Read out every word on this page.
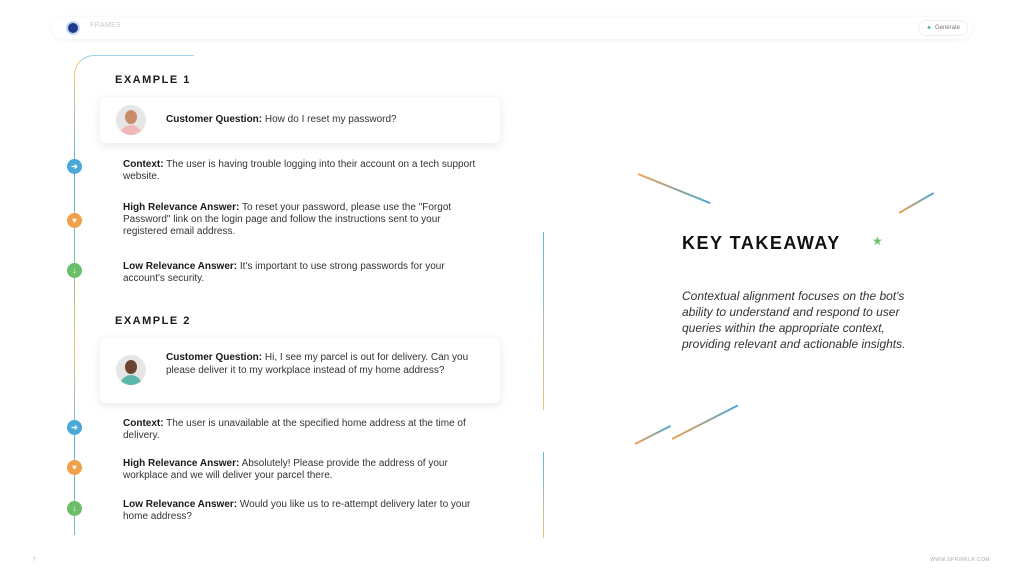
FRAMES	✦ Generate
EXAMPLE 1
Customer Question: How do I reset my password?
➜	Context: The user is having trouble logging into their account on a tech support website.
♥
High Relevance Answer: To reset your password, please use the "Forgot Password" link on the login page and follow the instructions sent to your registered email address.
↓	Low Relevance Answer: It's important to use strong passwords for your account's security.
EXAMPLE 2
Customer Question: Hi, I see my parcel is out for delivery. Can you please deliver it to my workplace instead of my home address?
➜	Context: The user is unavailable at the specified home address at the time of delivery.
♥	High Relevance Answer: Absolutely! Please provide the address of your workplace and we will deliver your parcel there.
↓	Low Relevance Answer: Would you like us to re-attempt delivery later to your home address?
KEY TAKEAWAY	★
Contextual alignment focuses on the bot's ability to understand and respond to user queries within the appropriate context, providing relevant and actionable insights.
7	WWW.SPRINKLR.COM
